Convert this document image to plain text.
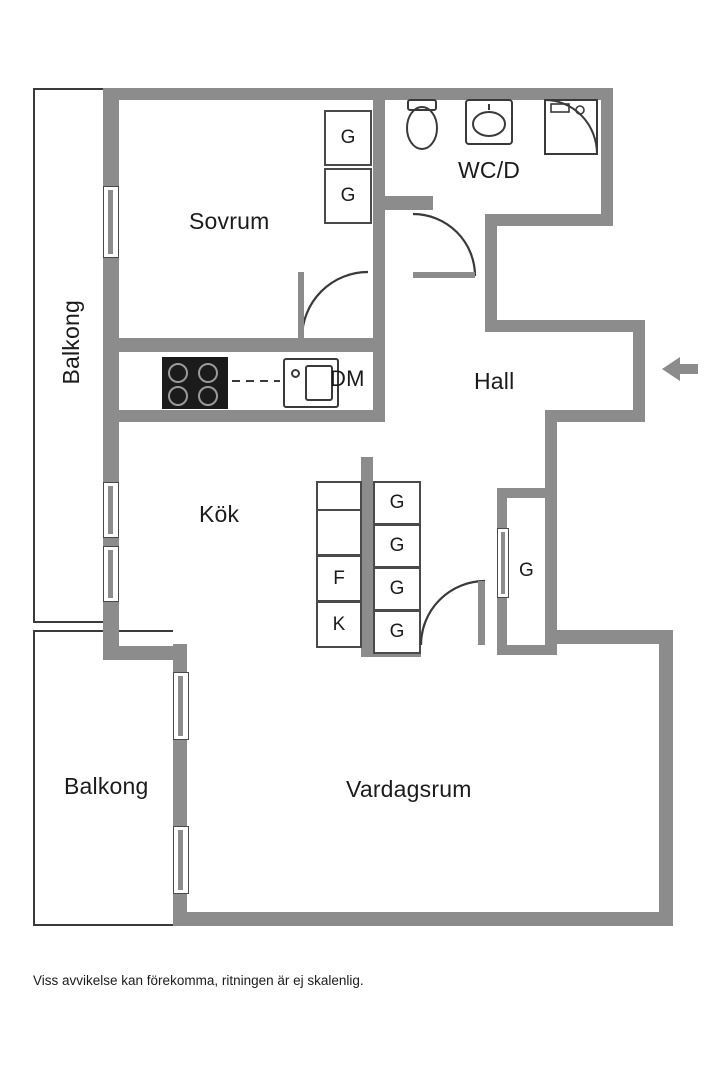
G
G
F
K
G
G
G
G
G
DM
Sovrum
WC/D
Hall
Kök
Vardagsrum
Balkong
Balkong
Viss avvikelse kan förekomma, ritningen är ej skalenlig.
